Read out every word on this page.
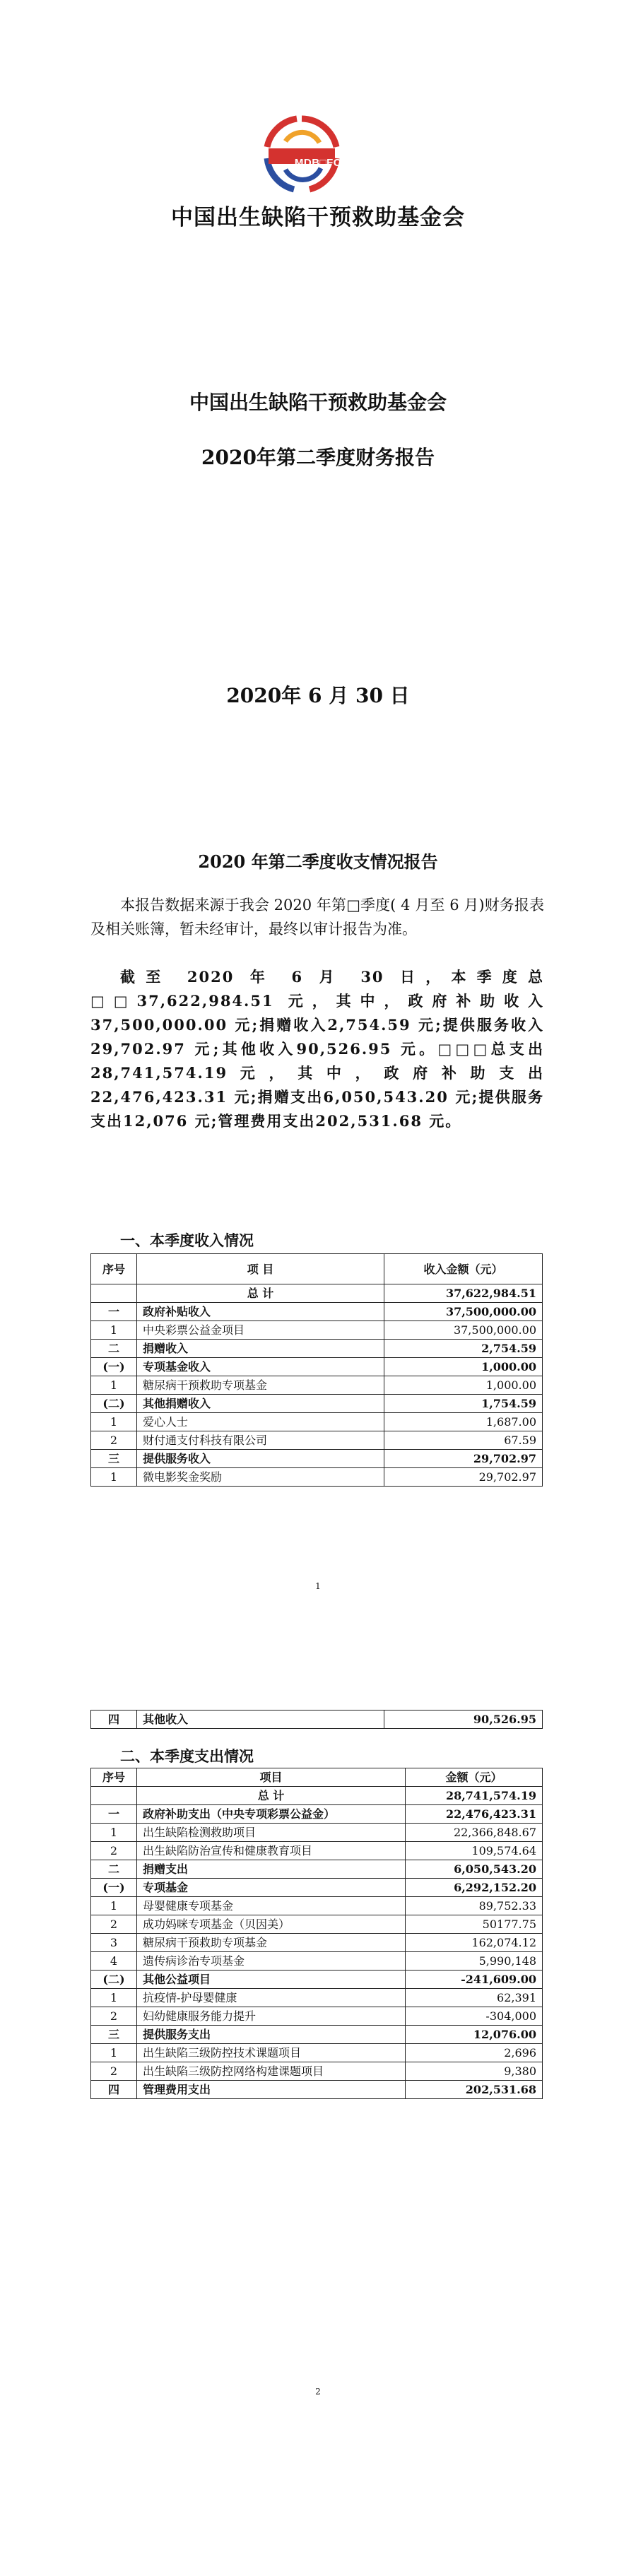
MDB□FC
中国出生缺陷干预救助基金会
中国出生缺陷干预救助基金会
2020年第二季度财务报告
2020年 6 月 30 日
2020 年第二季度收支情况报告
本报告数据来源于我会 2020 年第□季度( 4 月至 6 月)财务报表及相关账簿，暂未经审计，最终以审计报告为准。
截至 2020 年 6 月 30 日，本季度总□□37,622,984.51 元，其中，政府补助收入 37,500,000.00 元;捐赠收入2,754.59 元;提供服务收入29,702.97 元;其他收入90,526.95 元。□□□总支出28,741,574.19元，其中，政府补助支出 22,476,423.31 元;捐赠支出6,050,543.20 元;提供服务支出12,076 元;管理费用支出202,531.68 元。
一、本季度收入情况
序号	项 目	收入金额（元）
	总 计	37,622,984.51
一	政府补贴收入	37,500,000.00
1	中央彩票公益金项目	37,500,000.00
二	捐赠收入	2,754.59
(一)	专项基金收入	1,000.00
1	糖尿病干预救助专项基金	1,000.00
(二)	其他捐赠收入	1,754.59
1	爱心人士	1,687.00
2	财付通支付科技有限公司	67.59
三	提供服务收入	29,702.97
1	微电影奖金奖励	29,702.97
1
四	其他收入	90,526.95
二、本季度支出情况
序号	项目	金额（元）
	总 计	28,741,574.19
一	政府补助支出（中央专项彩票公益金）	22,476,423.31
1	出生缺陷检测救助项目	22,366,848.67
2	出生缺陷防治宣传和健康教育项目	109,574.64
二	捐赠支出	6,050,543.20
(一)	专项基金	6,292,152.20
1	母婴健康专项基金	89,752.33
2	成功妈咪专项基金（贝因美）	50177.75
3	糖尿病干预救助专项基金	162,074.12
4	遗传病诊治专项基金	5,990,148
(二)	其他公益项目	-241,609.00
1	抗疫情-护母婴健康	62,391
2	妇幼健康服务能力提升	-304,000
三	提供服务支出	12,076.00
1	出生缺陷三级防控技术课题项目	2,696
2	出生缺陷三级防控网络构建课题项目	9,380
四	管理费用支出	202,531.68
2
